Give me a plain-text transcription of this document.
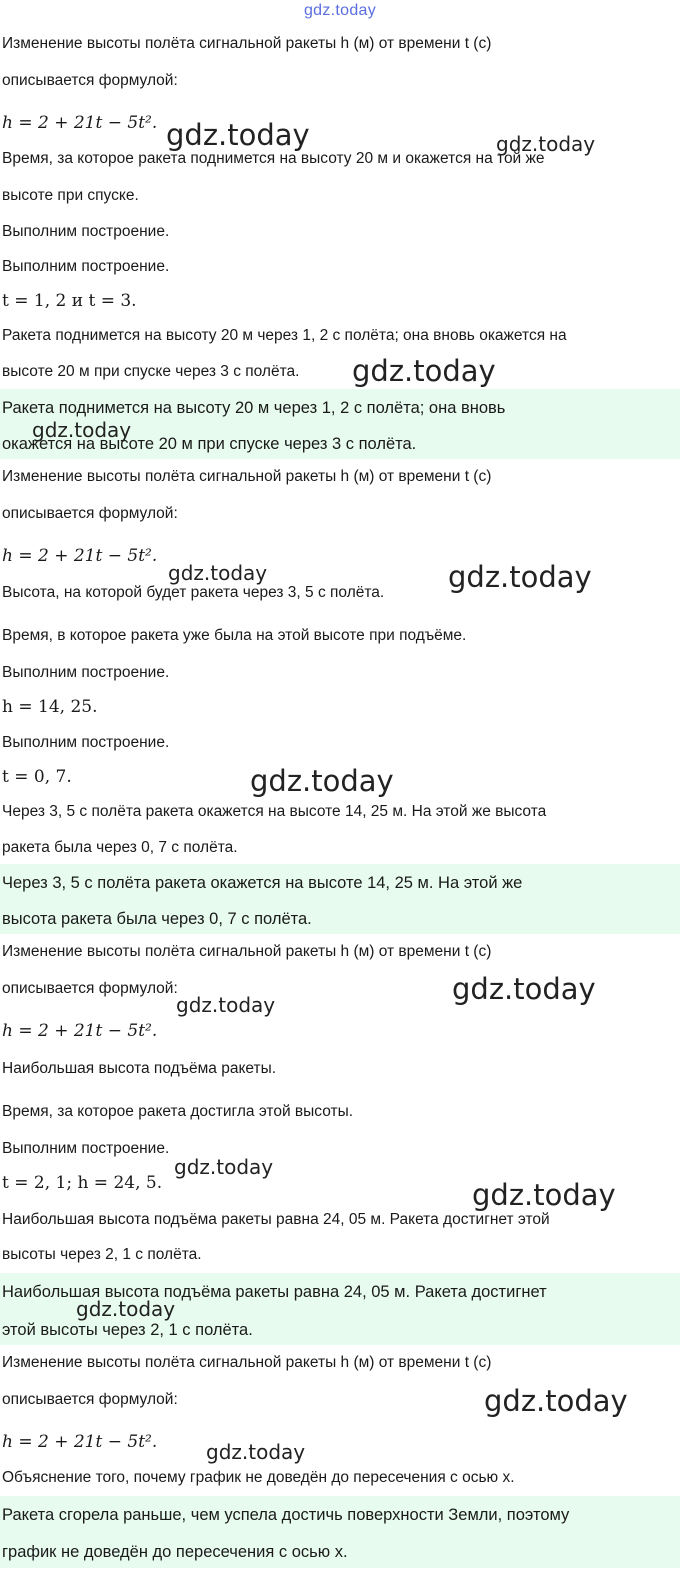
gdz.today
Изменение высоты полёта сигнальной ракеты h (м) от времени t (с)
описывается формулой:
h = 2 + 21t − 5t².
Время, за которое ракета поднимется на высоту 20 м и окажется на той же
высоте при спуске.
Выполним построение.
Выполним построение.
t = 1, 2 и t = 3.
Ракета поднимется на высоту 20 м через 1, 2 с полёта; она вновь окажется на
высоте 20 м при спуске через 3 с полёта.
Ракета поднимется на высоту 20 м через 1, 2 с полёта; она вновь
окажется на высоте 20 м при спуске через 3 с полёта.
Изменение высоты полёта сигнальной ракеты h (м) от времени t (с)
описывается формулой:
h = 2 + 21t − 5t².
Высота, на которой будет ракета через 3, 5 с полёта.
Время, в которое ракета уже была на этой высоте при подъёме.
Выполним построение.
h = 14, 25.
Выполним построение.
t = 0, 7.
Через 3, 5 с полёта ракета окажется на высоте 14, 25 м. На этой же высота
ракета была через 0, 7 с полёта.
Через 3, 5 с полёта ракета окажется на высоте 14, 25 м. На этой же
высота ракета была через 0, 7 с полёта.
Изменение высоты полёта сигнальной ракеты h (м) от времени t (с)
описывается формулой:
h = 2 + 21t − 5t².
Наибольшая высота подъёма ракеты.
Время, за которое ракета достигла этой высоты.
Выполним построение.
t = 2, 1; h = 24, 5.
Наибольшая высота подъёма ракеты равна 24, 05 м. Ракета достигнет этой
высоты через 2, 1 с полёта.
Наибольшая высота подъёма ракеты равна 24, 05 м. Ракета достигнет
этой высоты через 2, 1 с полёта.
Изменение высоты полёта сигнальной ракеты h (м) от времени t (с)
описывается формулой:
h = 2 + 21t − 5t².
Объяснение того, почему график не доведён до пересечения с осью x.
Ракета сгорела раньше, чем успела достичь поверхности Земли, поэтому
график не доведён до пересечения с осью x.
gdz.today	gdz.today
gdz.today
gdz.today
gdz.today	gdz.today
gdz.today
gdz.today	gdz.today
gdz.today
gdz.today
gdz.today
gdz.today
gdz.today
